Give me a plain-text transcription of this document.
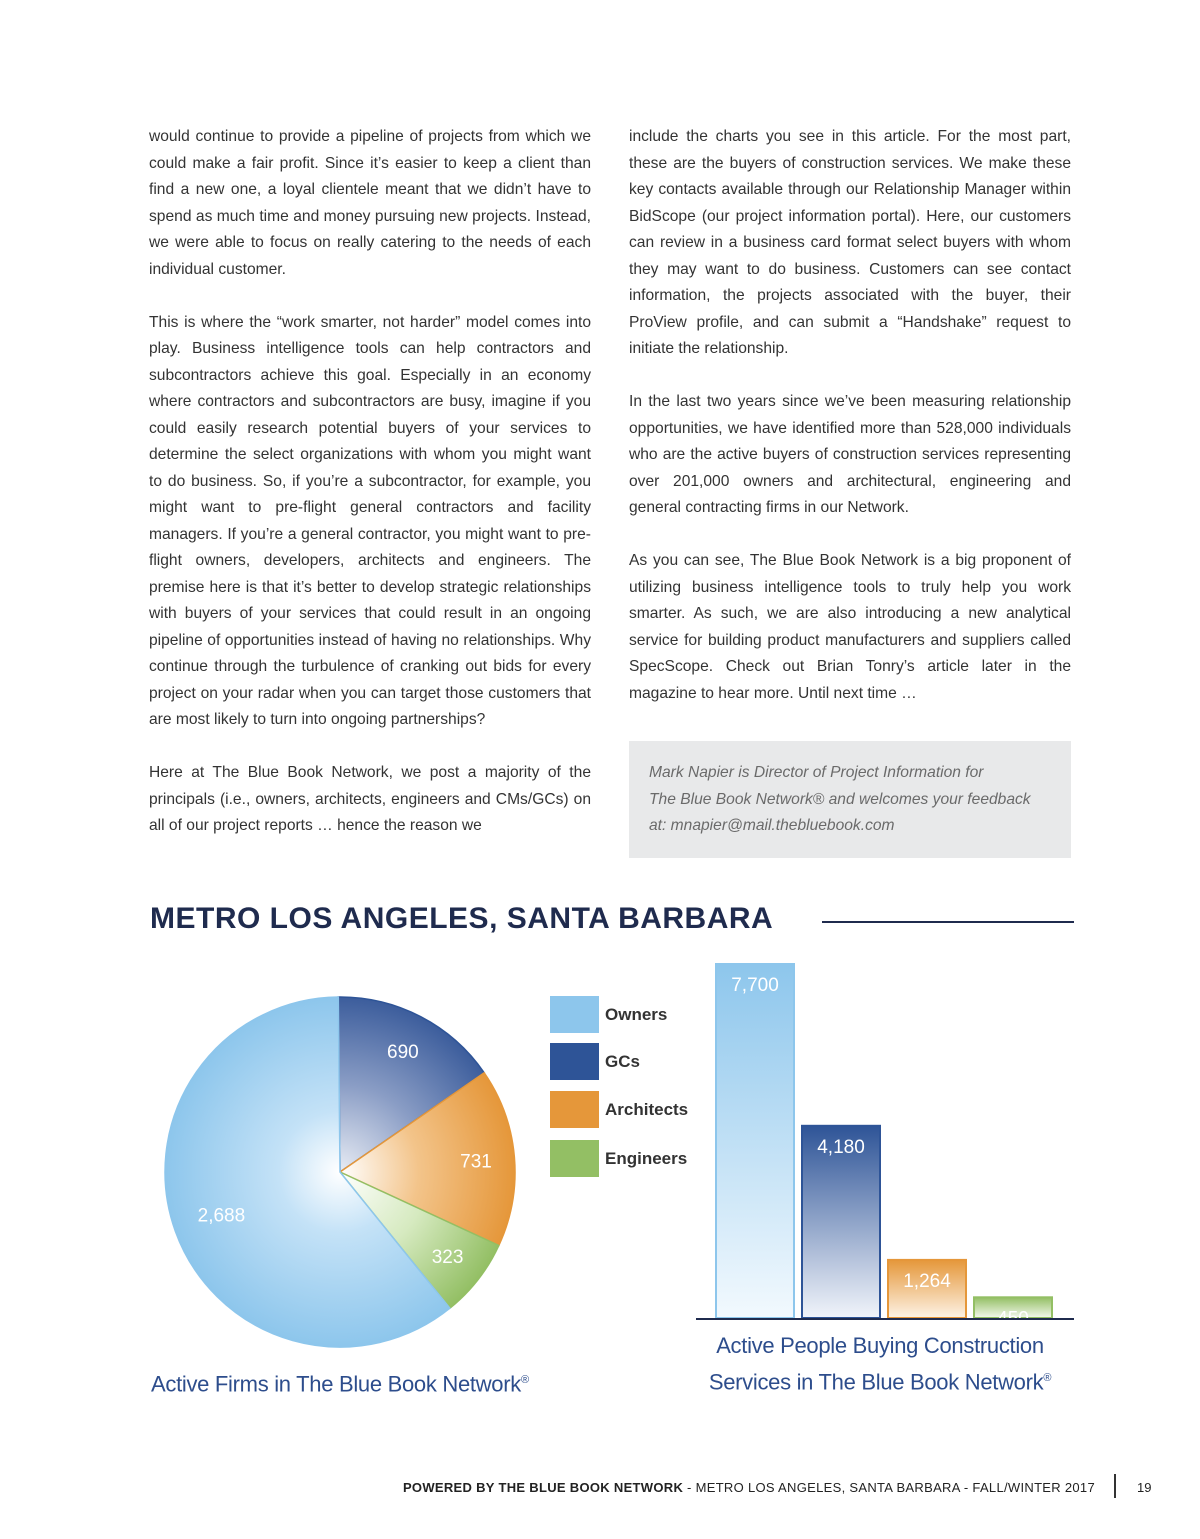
would continue to provide a pipeline of projects from which we could make a fair profit. Since it’s easier to keep a client than find a new one, a loyal clientele meant that we didn’t have to spend as much time and money pursuing new projects. Instead, we were able to focus on really catering to the needs of each individual customer.

This is where the “work smarter, not harder” model comes into play. Business intelligence tools can help contractors and subcontractors achieve this goal. Especially in an economy where contractors and subcontractors are busy, imagine if you could easily research potential buyers of your services to determine the select organizations with whom you might want to do business. So, if you’re a subcontractor, for example, you might want to pre-flight general contractors and facility managers. If you’re a general contractor, you might want to pre-flight owners, developers, architects and engineers. The premise here is that it’s better to develop strategic relationships with buyers of your services that could result in an ongoing pipeline of opportunities instead of having no relationships. Why continue through the turbulence of cranking out bids for every project on your radar when you can target those customers that are most likely to turn into ongoing partnerships?

Here at The Blue Book Network, we post a majority of the principals (i.e., owners, architects, engineers and CMs/GCs) on all of our project reports … hence the reason we

include the charts you see in this article. For the most part, these are the buyers of construction services. We make these key contacts available through our Relationship Manager within BidScope (our project information portal). Here, our customers can review in a business card format select buyers with whom they may want to do business. Customers can see contact information, the projects associated with the buyer, their ProView profile, and can submit a “Handshake” request to initiate the relationship.

In the last two years since we’ve been measuring relationship opportunities, we have identified more than 528,000 individuals who are the active buyers of construction services representing over 201,000 owners and architectural, engineering and general contracting firms in our Network.

As you can see, The Blue Book Network is a big proponent of utilizing business intelligence tools to truly help you work smarter. As such, we are also introducing a new analytical service for building product manufacturers and suppliers called SpecScope. Check out Brian Tonry’s article later in the magazine to hear more. Until next time …

Mark Napier is Director of Project Information for
The Blue Book Network® and welcomes your feedback
at: mnapier@mail.thebluebook.com
METRO LOS ANGELES, SANTA BARBARA
690
731
323
2,688
Owners
GCs
Architects
Engineers
7,700
4,180
1,264
450
Active Firms in The Blue Book Network®
Active People Buying Construction
Services in The Blue Book Network®
POWERED BY THE BLUE BOOK NETWORK - METRO LOS ANGELES, SANTA BARBARA - FALL/WINTER 2017	19
